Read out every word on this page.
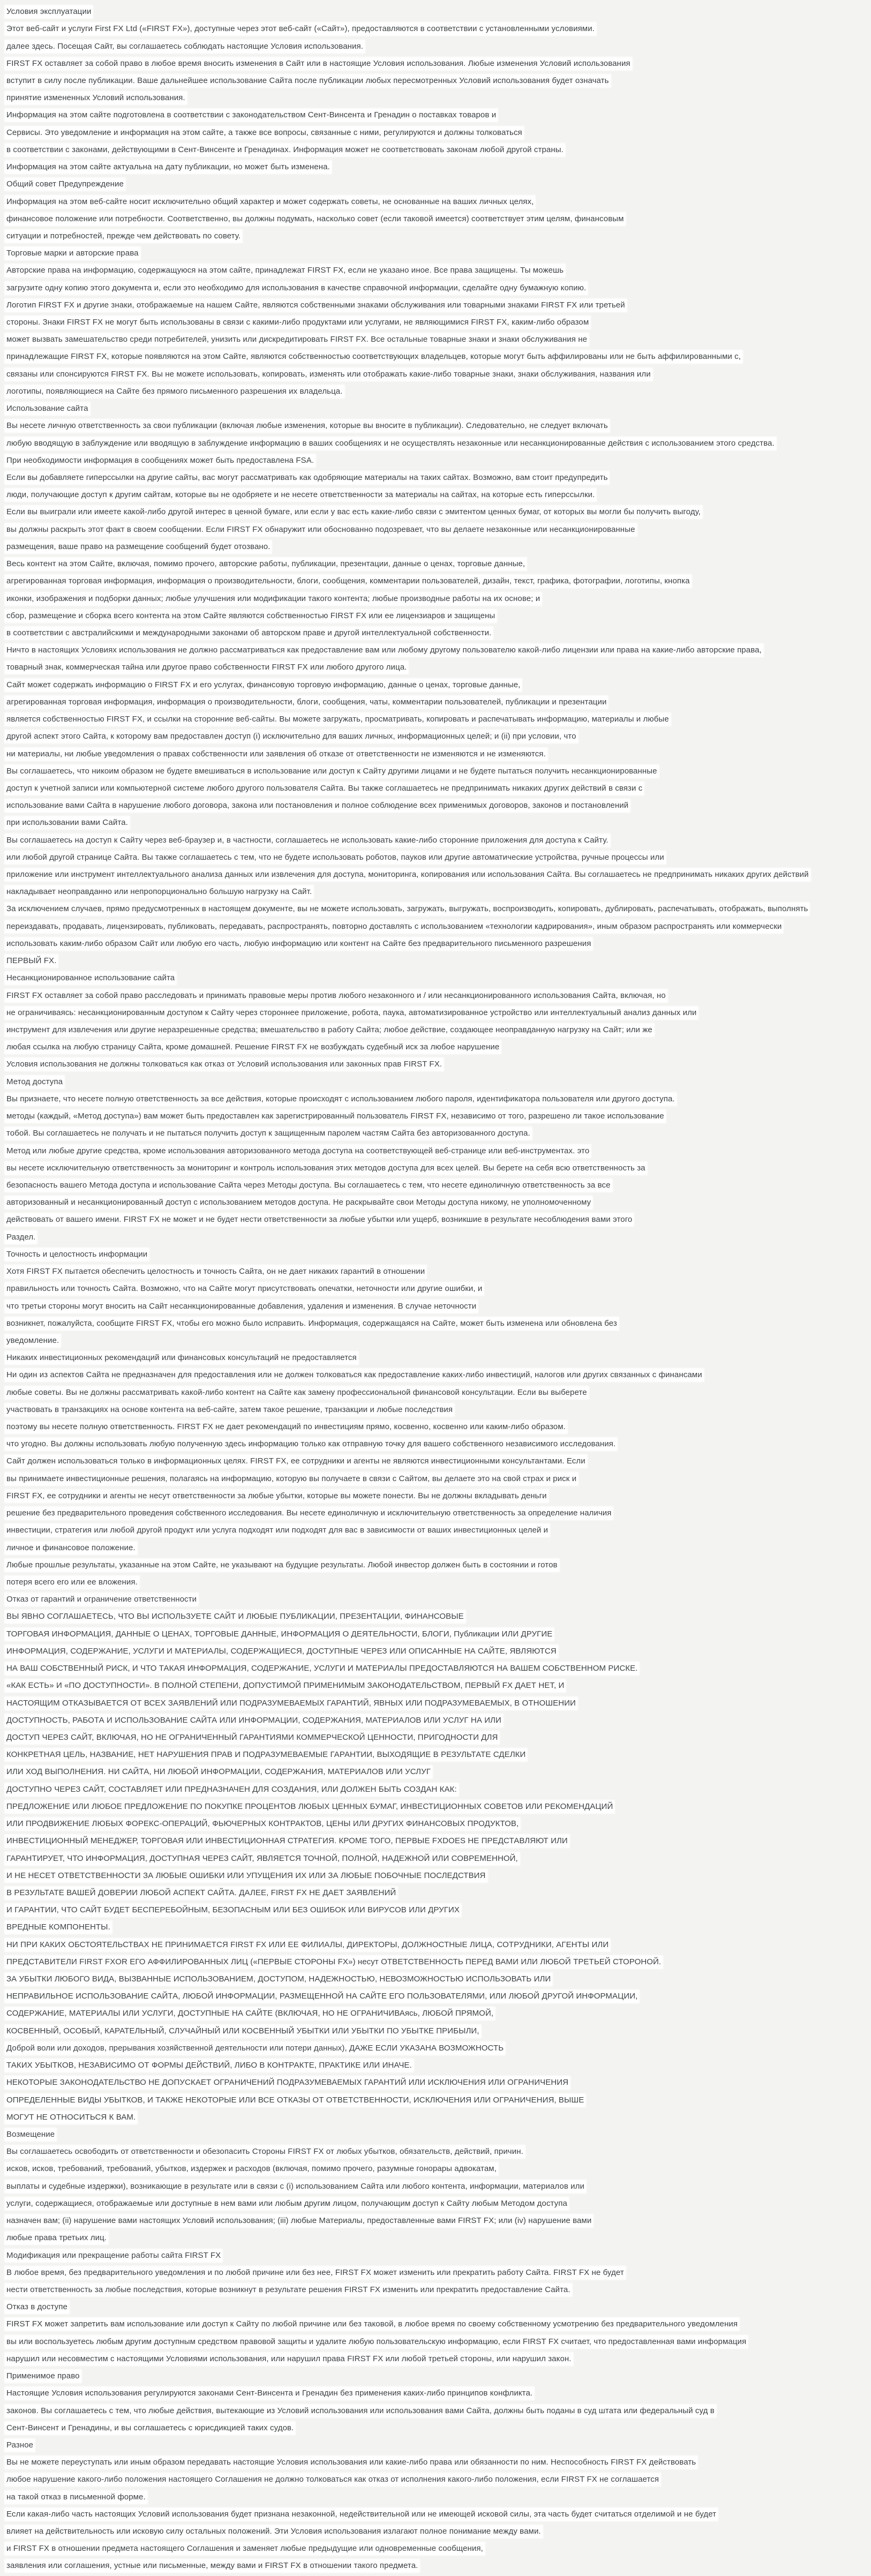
Условия эксплуатации
Этот веб-сайт и услуги First FX Ltd («FIRST FX»), доступные через этот веб-сайт («Сайт»), предоставляются в соответствии с установленными условиями.
далее здесь. Посещая Сайт, вы соглашаетесь соблюдать настоящие Условия использования.
FIRST FX оставляет за собой право в любое время вносить изменения в Сайт или в настоящие Условия использования. Любые изменения Условий использования
вступит в силу после публикации. Ваше дальнейшее использование Сайта после публикации любых пересмотренных Условий использования будет означать
принятие измененных Условий использования.
Информация на этом сайте подготовлена в соответствии с законодательством Сент-Винсента и Гренадин о поставках товаров и
Сервисы. Это уведомление и информация на этом сайте, а также все вопросы, связанные с ними, регулируются и должны толковаться
в соответствии с законами, действующими в Сент-Винсенте и Гренадинах. Информация может не соответствовать законам любой другой страны.
Информация на этом сайте актуальна на дату публикации, но может быть изменена.
Общий совет Предупреждение
Информация на этом веб-сайте носит исключительно общий характер и может содержать советы, не основанные на ваших личных целях,
финансовое положение или потребности. Соответственно, вы должны подумать, насколько совет (если таковой имеется) соответствует этим целям, финансовым
ситуации и потребностей, прежде чем действовать по совету.
Торговые марки и авторские права
Авторские права на информацию, содержащуюся на этом сайте, принадлежат FIRST FX, если не указано иное. Все права защищены. Ты можешь
загрузите одну копию этого документа и, если это необходимо для использования в качестве справочной информации, сделайте одну бумажную копию.
Логотип FIRST FX и другие знаки, отображаемые на нашем Сайте, являются собственными знаками обслуживания или товарными знаками FIRST FX или третьей
стороны. Знаки FIRST FX не могут быть использованы в связи с какими-либо продуктами или услугами, не являющимися FIRST FX, каким-либо образом
может вызвать замешательство среди потребителей, унизить или дискредитировать FIRST FX. Все остальные товарные знаки и знаки обслуживания не
принадлежащие FIRST FX, которые появляются на этом Сайте, являются собственностью соответствующих владельцев, которые могут быть аффилированы или не быть аффилированными с,
связаны или спонсируются FIRST FX. Вы не можете использовать, копировать, изменять или отображать какие-либо товарные знаки, знаки обслуживания, названия или
логотипы, появляющиеся на Сайте без прямого письменного разрешения их владельца.
Использование сайта
Вы несете личную ответственность за свои публикации (включая любые изменения, которые вы вносите в публикации). Следовательно, не следует включать
любую вводящую в заблуждение или вводящую в заблуждение информацию в ваших сообщениях и не осуществлять незаконные или несанкционированные действия с использованием этого средства.
При необходимости информация в сообщениях может быть предоставлена FSA.
Если вы добавляете гиперссылки на другие сайты, вас могут рассматривать как одобряющие материалы на таких сайтах. Возможно, вам стоит предупредить
люди, получающие доступ к другим сайтам, которые вы не одобряете и не несете ответственности за материалы на сайтах, на которые есть гиперссылки.
Если вы выиграли или имеете какой-либо другой интерес в ценной бумаге, или если у вас есть какие-либо связи с эмитентом ценных бумаг, от которых вы могли бы получить выгоду,
вы должны раскрыть этот факт в своем сообщении. Если FIRST FX обнаружит или обоснованно подозревает, что вы делаете незаконные или несанкционированные
размещения, ваше право на размещение сообщений будет отозвано.
Весь контент на этом Сайте, включая, помимо прочего, авторские работы, публикации, презентации, данные о ценах, торговые данные,
агрегированная торговая информация, информация о производительности, блоги, сообщения, комментарии пользователей, дизайн, текст, графика, фотографии, логотипы, кнопка
иконки, изображения и подборки данных; любые улучшения или модификации такого контента; любые производные работы на их основе; и
сбор, размещение и сборка всего контента на этом Сайте являются собственностью FIRST FX или ее лицензиаров и защищены
в соответствии с австралийскими и международными законами об авторском праве и другой интеллектуальной собственности.
Ничто в настоящих Условиях использования не должно рассматриваться как предоставление вам или любому другому пользователю какой-либо лицензии или права на какие-либо авторские права,
товарный знак, коммерческая тайна или другое право собственности FIRST FX или любого другого лица.
Сайт может содержать информацию о FIRST FX и его услугах, финансовую торговую информацию, данные о ценах, торговые данные,
агрегированная торговая информация, информация о производительности, блоги, сообщения, чаты, комментарии пользователей, публикации и презентации
является собственностью FIRST FX, и ссылки на сторонние веб-сайты. Вы можете загружать, просматривать, копировать и распечатывать информацию, материалы и любые
другой аспект этого Сайта, к которому вам предоставлен доступ (i) исключительно для ваших личных, информационных целей; и (ii) при условии, что
ни материалы, ни любые уведомления о правах собственности или заявления об отказе от ответственности не изменяются и не изменяются.
Вы соглашаетесь, что никоим образом не будете вмешиваться в использование или доступ к Сайту другими лицами и не будете пытаться получить несанкционированные
доступ к учетной записи или компьютерной системе любого другого пользователя Сайта. Вы также соглашаетесь не предпринимать никаких других действий в связи с
использование вами Сайта в нарушение любого договора, закона или постановления и полное соблюдение всех применимых договоров, законов и постановлений
при использовании вами Сайта.
Вы соглашаетесь на доступ к Сайту через веб-браузер и, в частности, соглашаетесь не использовать какие-либо сторонние приложения для доступа к Сайту.
или любой другой странице Сайта. Вы также соглашаетесь с тем, что не будете использовать роботов, пауков или другие автоматические устройства, ручные процессы или
приложение или инструмент интеллектуального анализа данных или извлечения для доступа, мониторинга, копирования или использования Сайта. Вы соглашаетесь не предпринимать никаких других действий
накладывает неоправданно или непропорционально большую нагрузку на Сайт.
За исключением случаев, прямо предусмотренных в настоящем документе, вы не можете использовать, загружать, выгружать, воспроизводить, копировать, дублировать, распечатывать, отображать, выполнять
переиздавать, продавать, лицензировать, публиковать, передавать, распространять, повторно доставлять с использованием «технологии кадрирования», иным образом распространять или коммерчески
использовать каким-либо образом Сайт или любую его часть, любую информацию или контент на Сайте без предварительного письменного разрешения
ПЕРВЫЙ FX.
Несанкционированное использование сайта
FIRST FX оставляет за собой право расследовать и принимать правовые меры против любого незаконного и / или несанкционированного использования Сайта, включая, но
не ограничиваясь: несанкционированным доступом к Сайту через стороннее приложение, робота, паука, автоматизированное устройство или интеллектуальный анализ данных или
инструмент для извлечения или другие неразрешенные средства; вмешательство в работу Сайта; любое действие, создающее неоправданную нагрузку на Сайт; или же
любая ссылка на любую страницу Сайта, кроме домашней. Решение FIRST FX не возбуждать судебный иск за любое нарушение
Условия использования не должны толковаться как отказ от Условий использования или законных прав FIRST FX.
Метод доступа
Вы признаете, что несете полную ответственность за все действия, которые происходят с использованием любого пароля, идентификатора пользователя или другого доступа.
методы (каждый, «Метод доступа») вам может быть предоставлен как зарегистрированный пользователь FIRST FX, независимо от того, разрешено ли такое использование
тобой. Вы соглашаетесь не получать и не пытаться получить доступ к защищенным паролем частям Сайта без авторизованного доступа.
Метод или любые другие средства, кроме использования авторизованного метода доступа на соответствующей веб-странице или веб-инструментах. это
вы несете исключительную ответственность за мониторинг и контроль использования этих методов доступа для всех целей. Вы берете на себя всю ответственность за
безопасность вашего Метода доступа и использование Сайта через Методы доступа. Вы соглашаетесь с тем, что несете единоличную ответственность за все
авторизованный и несанкционированный доступ с использованием методов доступа. Не раскрывайте свои Методы доступа никому, не уполномоченному
действовать от вашего имени. FIRST FX не может и не будет нести ответственности за любые убытки или ущерб, возникшие в результате несоблюдения вами этого
Раздел.
Точность и целостность информации
Хотя FIRST FX пытается обеспечить целостность и точность Сайта, он не дает никаких гарантий в отношении
правильность или точность Сайта. Возможно, что на Сайте могут присутствовать опечатки, неточности или другие ошибки, и
что третьи стороны могут вносить на Сайт несанкционированные добавления, удаления и изменения. В случае неточности
возникнет, пожалуйста, сообщите FIRST FX, чтобы его можно было исправить. Информация, содержащаяся на Сайте, может быть изменена или обновлена без
уведомление.
Никаких инвестиционных рекомендаций или финансовых консультаций не предоставляется
Ни один из аспектов Сайта не предназначен для предоставления или не должен толковаться как предоставление каких-либо инвестиций, налогов или других связанных с финансами
любые советы. Вы не должны рассматривать какой-либо контент на Сайте как замену профессиональной финансовой консультации. Если вы выберете
участвовать в транзакциях на основе контента на веб-сайте, затем такое решение, транзакции и любые последствия
поэтому вы несете полную ответственность. FIRST FX не дает рекомендаций по инвестициям прямо, косвенно, косвенно или каким-либо образом.
что угодно. Вы должны использовать любую полученную здесь информацию только как отправную точку для вашего собственного независимого исследования.
Сайт должен использоваться только в информационных целях. FIRST FX, ее сотрудники и агенты не являются инвестиционными консультантами. Если
вы принимаете инвестиционные решения, полагаясь на информацию, которую вы получаете в связи с Сайтом, вы делаете это на свой страх и риск и
FIRST FX, ее сотрудники и агенты не несут ответственности за любые убытки, которые вы можете понести. Вы не должны вкладывать деньги
решение без предварительного проведения собственного исследования. Вы несете единоличную и исключительную ответственность за определение наличия
инвестиции, стратегия или любой другой продукт или услуга подходят или подходят для вас в зависимости от ваших инвестиционных целей и
личное и финансовое положение.
Любые прошлые результаты, указанные на этом Сайте, не указывают на будущие результаты. Любой инвестор должен быть в состоянии и готов
потеря всего его или ее вложения.
Отказ от гарантий и ограничение ответственности
ВЫ ЯВНО СОГЛАШАЕТЕСЬ, ЧТО ВЫ ИСПОЛЬЗУЕТЕ САЙТ И ЛЮБЫЕ ПУБЛИКАЦИИ, ПРЕЗЕНТАЦИИ, ФИНАНСОВЫЕ
ТОРГОВАЯ ИНФОРМАЦИЯ, ДАННЫЕ О ЦЕНАХ, ТОРГОВЫЕ ДАННЫЕ, ИНФОРМАЦИЯ О ДЕЯТЕЛЬНОСТИ, БЛОГИ, Публикации ИЛИ ДРУГИЕ
ИНФОРМАЦИЯ, СОДЕРЖАНИЕ, УСЛУГИ И МАТЕРИАЛЫ, СОДЕРЖАЩИЕСЯ, ДОСТУПНЫЕ ЧЕРЕЗ ИЛИ ОПИСАННЫЕ НА САЙТЕ, ЯВЛЯЮТСЯ
НА ВАШ СОБСТВЕННЫЙ РИСК, И ЧТО ТАКАЯ ИНФОРМАЦИЯ, СОДЕРЖАНИЕ, УСЛУГИ И МАТЕРИАЛЫ ПРЕДОСТАВЛЯЮТСЯ НА ВАШЕМ СОБСТВЕННОМ РИСКЕ.
«КАК ЕСТЬ» И «ПО ДОСТУПНОСТИ». В ПОЛНОЙ СТЕПЕНИ, ДОПУСТИМОЙ ПРИМЕНИМЫМ ЗАКОНОДАТЕЛЬСТВОМ, ПЕРВЫЙ FX ДАЕТ НЕТ, И
НАСТОЯЩИМ ОТКАЗЫВАЕТСЯ ОТ ВСЕХ ЗАЯВЛЕНИЙ ИЛИ ПОДРАЗУМЕВАЕМЫХ ГАРАНТИЙ, ЯВНЫХ ИЛИ ПОДРАЗУМЕВАЕМЫХ, В ОТНОШЕНИИ
ДОСТУПНОСТЬ, РАБОТА И ИСПОЛЬЗОВАНИЕ САЙТА ИЛИ ИНФОРМАЦИИ, СОДЕРЖАНИЯ, МАТЕРИАЛОВ ИЛИ УСЛУГ НА ИЛИ
ДОСТУП ЧЕРЕЗ САЙТ, ВКЛЮЧАЯ, НО НЕ ОГРАНИЧЕННЫЙ ГАРАНТИЯМИ КОММЕРЧЕСКОЙ ЦЕННОСТИ, ПРИГОДНОСТИ ДЛЯ
КОНКРЕТНАЯ ЦЕЛЬ, НАЗВАНИЕ, НЕТ НАРУШЕНИЯ ПРАВ И ПОДРАЗУМЕВАЕМЫЕ ГАРАНТИИ, ВЫХОДЯЩИЕ В РЕЗУЛЬТАТЕ СДЕЛКИ
ИЛИ ХОД ВЫПОЛНЕНИЯ. НИ САЙТА, НИ ЛЮБОЙ ИНФОРМАЦИИ, СОДЕРЖАНИЯ, МАТЕРИАЛОВ ИЛИ УСЛУГ
ДОСТУПНО ЧЕРЕЗ САЙТ, СОСТАВЛЯЕТ ИЛИ ПРЕДНАЗНАЧЕН ДЛЯ СОЗДАНИЯ, ИЛИ ДОЛЖЕН БЫТЬ СОЗДАН КАК:
ПРЕДЛОЖЕНИЕ ИЛИ ЛЮБОЕ ПРЕДЛОЖЕНИЕ ПО ПОКУПКЕ ПРОЦЕНТОВ ЛЮБЫХ ЦЕННЫХ БУМАГ, ИНВЕСТИЦИОННЫХ СОВЕТОВ ИЛИ РЕКОМЕНДАЦИЙ
ИЛИ ПРОДВИЖЕНИЕ ЛЮБЫХ ФОРЕКС-ОПЕРАЦИЙ, ФЬЮЧЕРНЫХ КОНТРАКТОВ, ЦЕНЫ ИЛИ ДРУГИХ ФИНАНСОВЫХ ПРОДУКТОВ,
ИНВЕСТИЦИОННЫЙ МЕНЕДЖЕР, ТОРГОВАЯ ИЛИ ИНВЕСТИЦИОННАЯ СТРАТЕГИЯ. КРОМЕ ТОГО, ПЕРВЫЕ FXDOES НЕ ПРЕДСТАВЛЯЮТ ИЛИ
ГАРАНТИРУЕТ, ЧТО ИНФОРМАЦИЯ, ДОСТУПНАЯ ЧЕРЕЗ САЙТ, ЯВЛЯЕТСЯ ТОЧНОЙ, ПОЛНОЙ, НАДЕЖНОЙ ИЛИ СОВРЕМЕННОЙ,
И НЕ НЕСЕТ ОТВЕТСТВЕННОСТИ ЗА ЛЮБЫЕ ОШИБКИ ИЛИ УПУЩЕНИЯ ИХ ИЛИ ЗА ЛЮБЫЕ ПОБОЧНЫЕ ПОСЛЕДСТВИЯ
В РЕЗУЛЬТАТЕ ВАШЕЙ ДОВЕРИИ ЛЮБОЙ АСПЕКТ САЙТА. ДАЛЕЕ, FIRST FX НЕ ДАЕТ ЗАЯВЛЕНИЙ
И ГАРАНТИИ, ЧТО САЙТ БУДЕТ БЕСПЕРЕБОЙНЫМ, БЕЗОПАСНЫМ ИЛИ БЕЗ ОШИБОК ИЛИ ВИРУСОВ ИЛИ ДРУГИХ
ВРЕДНЫЕ КОМПОНЕНТЫ.
НИ ПРИ КАКИХ ОБСТОЯТЕЛЬСТВАХ НЕ ПРИНИМАЕТСЯ FIRST FX ИЛИ ЕЕ ФИЛИАЛЫ, ДИРЕКТОРЫ, ДОЛЖНОСТНЫЕ ЛИЦА, СОТРУДНИКИ, АГЕНТЫ ИЛИ
ПРЕДСТАВИТЕЛИ FIRST FXOR ЕГО АФФИЛИРОВАННЫХ ЛИЦ («ПЕРВЫЕ СТОРОНЫ FX») несут ОТВЕТСТВЕННОСТЬ ПЕРЕД ВАМИ ИЛИ ЛЮБОЙ ТРЕТЬЕЙ СТОРОНОЙ.
ЗА УБЫТКИ ЛЮБОГО ВИДА, ВЫЗВАННЫЕ ИСПОЛЬЗОВАНИЕМ, ДОСТУПОМ, НАДЕЖНОСТЬЮ, НЕВОЗМОЖНОСТЬЮ ИСПОЛЬЗОВАТЬ ИЛИ
НЕПРАВИЛЬНОЕ ИСПОЛЬЗОВАНИЕ САЙТА, ЛЮБОЙ ИНФОРМАЦИИ, РАЗМЕЩЕННОЙ НА САЙТЕ ЕГО ПОЛЬЗОВАТЕЛЯМИ, ИЛИ ЛЮБОЙ ДРУГОЙ ИНФОРМАЦИИ,
СОДЕРЖАНИЕ, МАТЕРИАЛЫ ИЛИ УСЛУГИ, ДОСТУПНЫЕ НА САЙТЕ (ВКЛЮЧАЯ, НО НЕ ОГРАНИЧИВАясь, ЛЮБОЙ ПРЯМОЙ,
КОСВЕННЫЙ, ОСОБЫЙ, КАРАТЕЛЬНЫЙ, СЛУЧАЙНЫЙ ИЛИ КОСВЕННЫЙ УБЫТКИ ИЛИ УБЫТКИ ПО УБЫТКЕ ПРИБЫЛИ,
Доброй воли или доходов, прерывания хозяйственной деятельности или потери данных), ДАЖЕ ЕСЛИ УКАЗАНА ВОЗМОЖНОСТЬ
ТАКИХ УБЫТКОВ, НЕЗАВИСИМО ОТ ФОРМЫ ДЕЙСТВИЙ, ЛИБО В КОНТРАКТЕ, ПРАКТИКЕ ИЛИ ИНАЧЕ.
НЕКОТОРЫЕ ЗАКОНОДАТЕЛЬСТВО НЕ ДОПУСКАЕТ ОГРАНИЧЕНИЙ ПОДРАЗУМЕВАЕМЫХ ГАРАНТИЙ ИЛИ ИСКЛЮЧЕНИЯ ИЛИ ОГРАНИЧЕНИЯ
ОПРЕДЕЛЕННЫЕ ВИДЫ УБЫТКОВ, И ТАКЖЕ НЕКОТОРЫЕ ИЛИ ВСЕ ОТКАЗЫ ОТ ОТВЕТСТВЕННОСТИ, ИСКЛЮЧЕНИЯ ИЛИ ОГРАНИЧЕНИЯ, ВЫШЕ
МОГУТ НЕ ОТНОСИТЬСЯ К ВАМ.
Возмещение
Вы соглашаетесь освободить от ответственности и обезопасить Стороны FIRST FX от любых убытков, обязательств, действий, причин.
исков, исков, требований, требований, убытков, издержек и расходов (включая, помимо прочего, разумные гонорары адвокатам,
выплаты и судебные издержки), возникающие в результате или в связи с (i) использованием Сайта или любого контента, информации, материалов или
услуги, содержащиеся, отображаемые или доступные в нем вами или любым другим лицом, получающим доступ к Сайту любым Методом доступа
назначен вам; (ii) нарушение вами настоящих Условий использования; (iii) любые Материалы, предоставленные вами FIRST FX; или (iv) нарушение вами
любые права третьих лиц.
Модификация или прекращение работы сайта FIRST FX
В любое время, без предварительного уведомления и по любой причине или без нее, FIRST FX может изменить или прекратить работу Сайта. FIRST FX не будет
нести ответственность за любые последствия, которые возникнут в результате решения FIRST FX изменить или прекратить предоставление Сайта.
Отказ в доступе
FIRST FX может запретить вам использование или доступ к Сайту по любой причине или без таковой, в любое время по своему собственному усмотрению без предварительного уведомления
вы или воспользуетесь любым другим доступным средством правовой защиты и удалите любую пользовательскую информацию, если FIRST FX считает, что предоставленная вами информация
нарушил или несовместим с настоящими Условиями использования, или нарушил права FIRST FX или любой третьей стороны, или нарушил закон.
Применимое право
Настоящие Условия использования регулируются законами Сент-Винсента и Гренадин без применения каких-либо принципов конфликта.
законов. Вы соглашаетесь с тем, что любые действия, вытекающие из Условий использования или использования вами Сайта, должны быть поданы в суд штата или федеральный суд в
Сент-Винсент и Гренадины, и вы соглашаетесь с юрисдикцией таких судов.
Разное
Вы не можете переуступать или иным образом передавать настоящие Условия использования или какие-либо права или обязанности по ним. Неспособность FIRST FX действовать
любое нарушение какого-либо положения настоящего Соглашения не должно толковаться как отказ от исполнения какого-либо положения, если FIRST FX не соглашается
на такой отказ в письменной форме.
Если какая-либо часть настоящих Условий использования будет признана незаконной, недействительной или не имеющей исковой силы, эта часть будет считаться отделимой и не будет
влияет на действительность или исковую силу остальных положений. Эти Условия использования излагают полное понимание между вами.
и FIRST FX в отношении предмета настоящего Соглашения и заменяет любые предыдущие или одновременные сообщения,
заявления или соглашения, устные или письменные, между вами и FIRST FX в отношении такого предмета.
